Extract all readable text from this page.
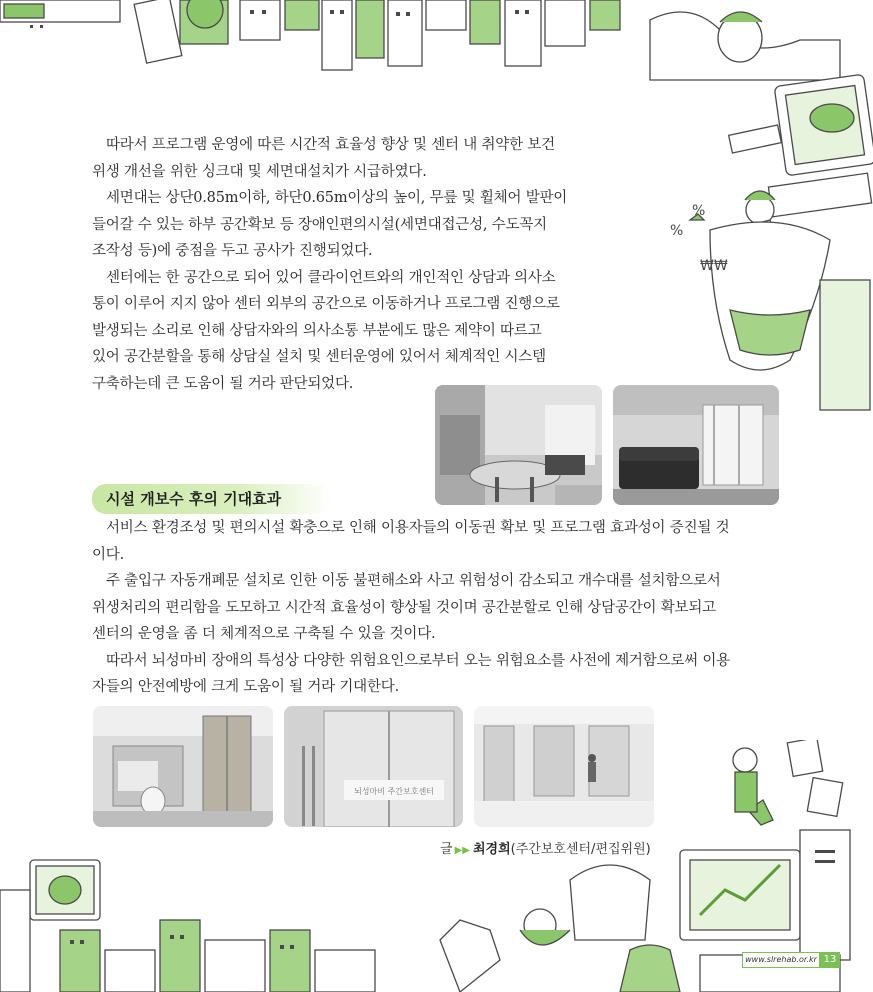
%
%
₩₩

따라서 프로그램 운영에 따른 시간적 효율성 향상 및 센터 내 취약한 보건
위생 개선을 위한 싱크대 및 세면대설치가 시급하였다.

세면대는 상단0.85m이하, 하단0.65m이상의 높이, 무릎 및 휠체어 발판이
들어갈 수 있는 하부 공간확보 등 장애인편의시설(세면대접근성, 수도꼭지
조작성 등)에 중점을 두고 공사가 진행되었다.

센터에는 한 공간으로 되어 있어 클라이언트와의 개인적인 상담과 의사소
통이 이루어 지지 않아 센터 외부의 공간으로 이동하거나 프로그램 진행으로
발생되는 소리로 인해 상담자와의 의사소통 부분에도 많은 제약이 따르고
있어 공간분할을 통해 상담실 설치 및 센터운영에 있어서 체계적인 시스템
구축하는데 큰 도움이 될 거라 판단되었다.

시설 개보수 후의 기대효과

서비스 환경조성 및 편의시설 확충으로 인해 이용자들의 이동권 확보 및 프로그램 효과성이 증진될 것
이다.

주 출입구 자동개폐문 설치로 인한 이동 불편해소와 사고 위험성이 감소되고 개수대를 설치함으로서
위생처리의 편리함을 도모하고 시간적 효율성이 향상될 것이며 공간분할로 인해 상담공간이 확보되고
센터의 운영을 좀 더 체계적으로 구축될 수 있을 것이다.

따라서 뇌성마비 장애의 특성상 다양한 위험요인으로부터 오는 위험요소를 사전에 제거함으로써 이용
자들의 안전예방에 크게 도움이 될 거라 기대한다.

뇌성마비 주간보호센터
글 ▶▶ 최경희(주간보호센터/편집위원)
www.slrehab.or.kr 13
